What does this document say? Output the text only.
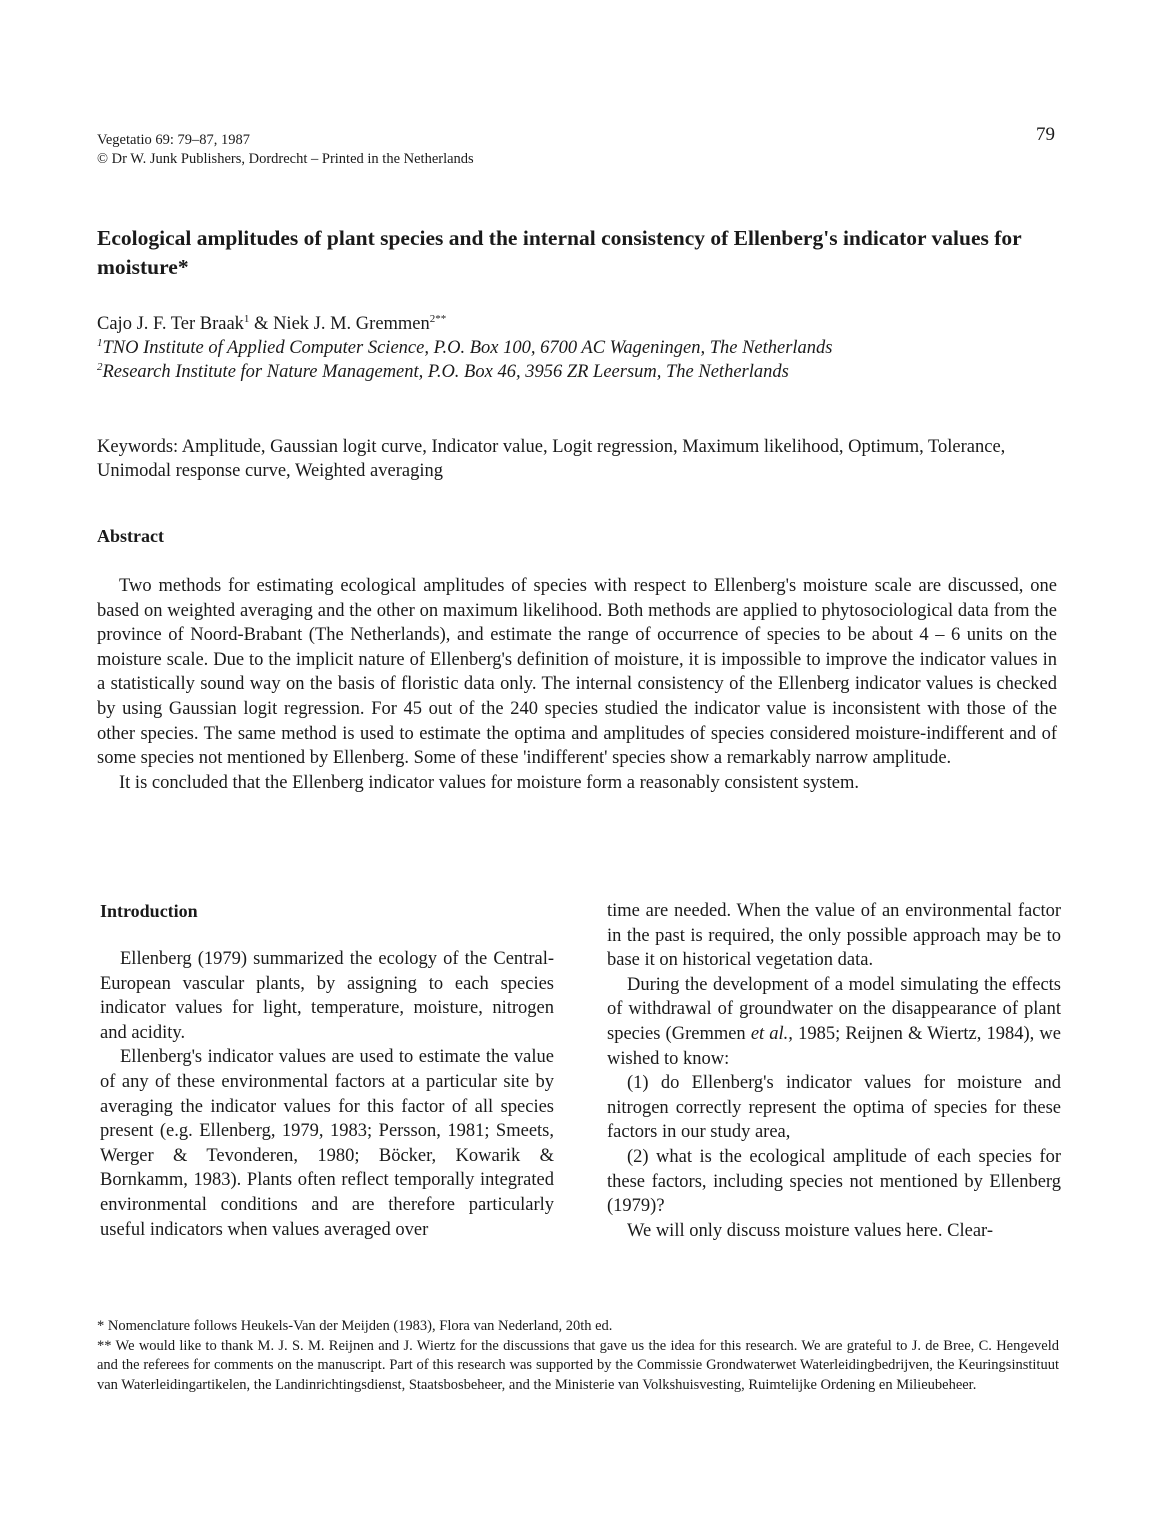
Vegetatio 69: 79–87, 1987
© Dr W. Junk Publishers, Dordrecht – Printed in the Netherlands
79
Ecological amplitudes of plant species and the internal consistency of Ellenberg's indicator values for moisture*
Cajo J. F. Ter Braak$^1$ & Niek J. M. Gremmen$^{2**}$
$^1$TNO Institute of Applied Computer Science, P.O. Box 100, 6700 AC Wageningen, The Netherlands
$^2$Research Institute for Nature Management, P.O. Box 46, 3956 ZR Leersum, The Netherlands
Keywords: Amplitude, Gaussian logit curve, Indicator value, Logit regression, Maximum likelihood, Optimum, Tolerance, Unimodal response curve, Weighted averaging
Abstract

Two methods for estimating ecological amplitudes of species with respect to Ellenberg's moisture scale are discussed, one based on weighted averaging and the other on maximum likelihood. Both methods are applied to phytosociological data from the province of Noord-Brabant (The Netherlands), and estimate the range of occurrence of species to be about 4 – 6 units on the moisture scale. Due to the implicit nature of Ellenberg's definition of moisture, it is impossible to improve the indicator values in a statistically sound way on the basis of floristic data only. The internal consistency of the Ellenberg indicator values is checked by using Gaussian logit regression. For 45 out of the 240 species studied the indicator value is inconsistent with those of the other species. The same method is used to estimate the optima and amplitudes of species considered moisture-indifferent and of some species not mentioned by Ellenberg. Some of these 'indifferent' species show a remarkably narrow amplitude.

It is concluded that the Ellenberg indicator values for moisture form a reasonably consistent system.

Introduction

Ellenberg (1979) summarized the ecology of the Central-European vascular plants, by assigning to each species indicator values for light, temperature, moisture, nitrogen and acidity.

Ellenberg's indicator values are used to estimate the value of any of these environmental factors at a particular site by averaging the indicator values for this factor of all species present (e.g. Ellenberg, 1979, 1983; Persson, 1981; Smeets, Werger & Tevonderen, 1980; Böcker, Kowarik & Bornkamm, 1983). Plants often reflect temporally integrated environmental conditions and are therefore particularly useful indicators when values averaged over

time are needed. When the value of an environmental factor in the past is required, the only possible approach may be to base it on historical vegetation data.

During the development of a model simulating the effects of withdrawal of groundwater on the disappearance of plant species (Gremmen et al., 1985; Reijnen & Wiertz, 1984), we wished to know:

(1) do Ellenberg's indicator values for moisture and nitrogen correctly represent the optima of species for these factors in our study area,

(2) what is the ecological amplitude of each species for these factors, including species not mentioned by Ellenberg (1979)?

We will only discuss moisture values here. Clear-

* Nomenclature follows Heukels-Van der Meijden (1983), Flora van Nederland, 20th ed.

** We would like to thank M. J. S. M. Reijnen and J. Wiertz for the discussions that gave us the idea for this research. We are grateful to J. de Bree, C. Hengeveld and the referees for comments on the manuscript. Part of this research was supported by the Commissie Grondwaterwet Waterleidingbedrijven, the Keuringsinstituut van Waterleidingartikelen, the Landinrichtingsdienst, Staatsbosbeheer, and the Ministerie van Volkshuisvesting, Ruimtelijke Ordening en Milieubeheer.
